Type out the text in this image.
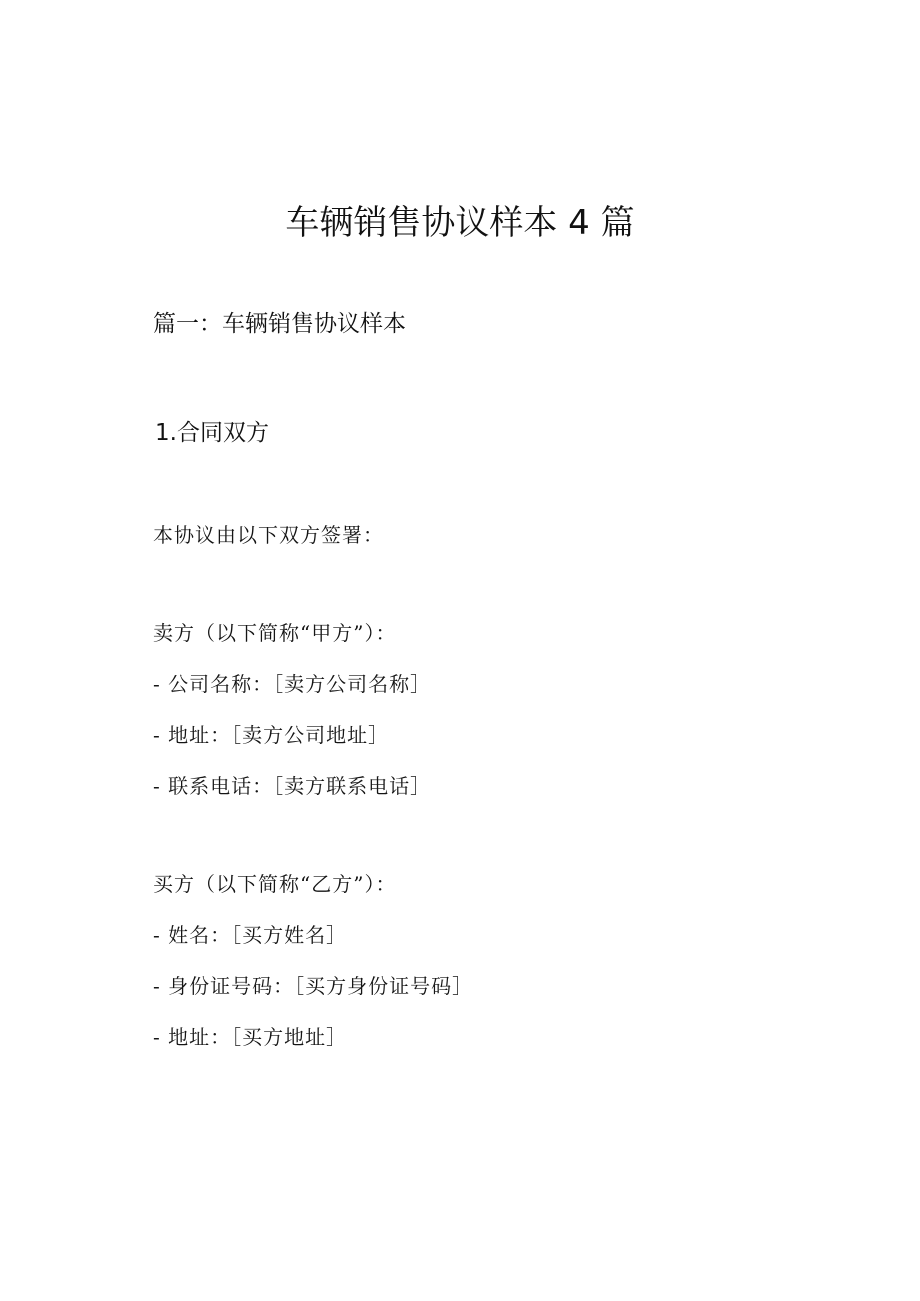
车辆销售协议样本 4 篇
篇一：车辆销售协议样本
1.合同双方
本协议由以下双方签署：
卖方（以下简称“甲方”）：
- 公司名称：［卖方公司名称］
- 地址：［卖方公司地址］
- 联系电话：［卖方联系电话］
买方（以下简称“乙方”）：
- 姓名：［买方姓名］
- 身份证号码：［买方身份证号码］
- 地址：［买方地址］
